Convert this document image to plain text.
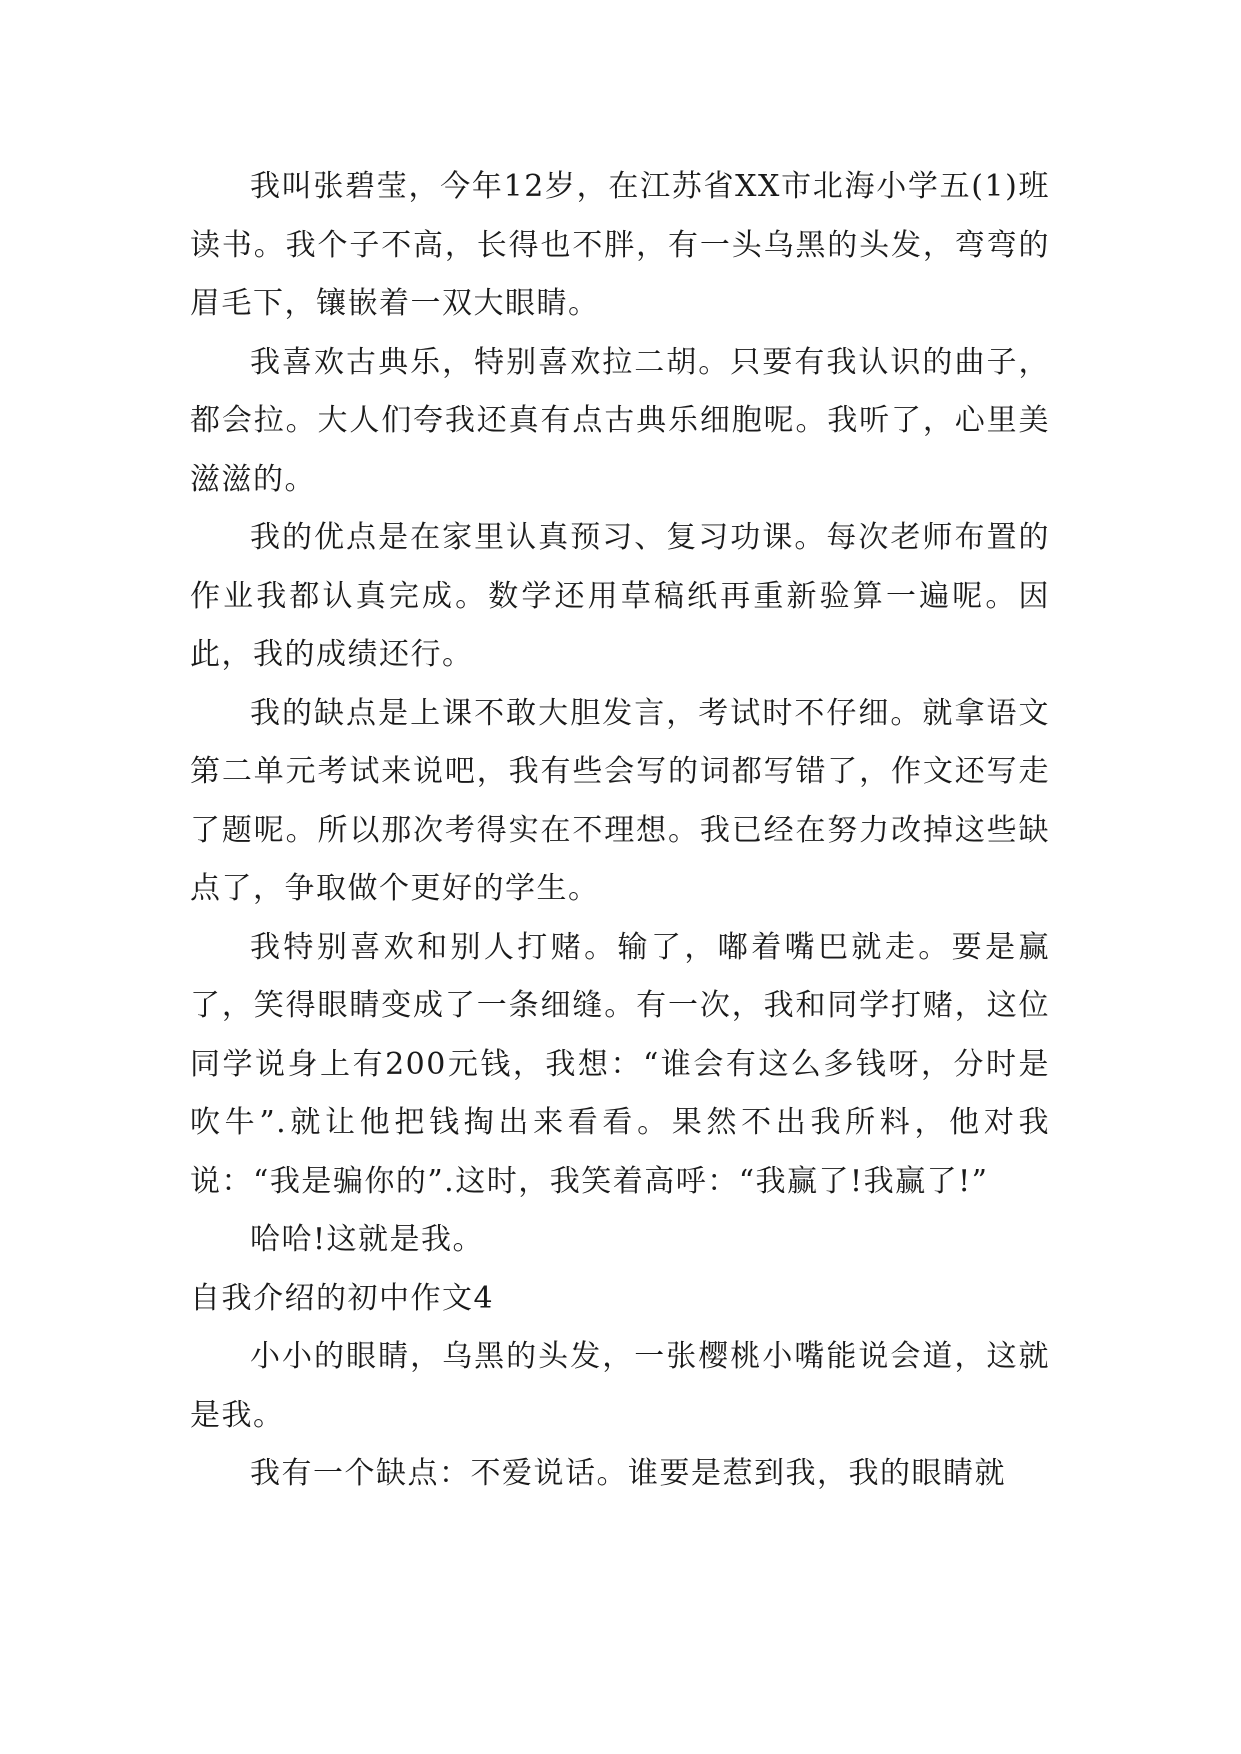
我叫张碧莹，今年12岁，在江苏省XX市北海小学五(1)班读书。我个子不高，长得也不胖，有一头乌黑的头发，弯弯的眉毛下，镶嵌着一双大眼睛。

我喜欢古典乐，特别喜欢拉二胡。只要有我认识的曲子，都会拉。大人们夸我还真有点古典乐细胞呢。我听了，心里美滋滋的。

我的优点是在家里认真预习、复习功课。每次老师布置的作业我都认真完成。数学还用草稿纸再重新验算一遍呢。因此，我的成绩还行。

我的缺点是上课不敢大胆发言，考试时不仔细。就拿语文第二单元考试来说吧，我有些会写的词都写错了，作文还写走了题呢。所以那次考得实在不理想。我已经在努力改掉这些缺点了，争取做个更好的学生。

我特别喜欢和别人打赌。输了，嘟着嘴巴就走。要是赢了，笑得眼睛变成了一条细缝。有一次，我和同学打赌，这位同学说身上有200元钱，我想：“谁会有这么多钱呀，分时是吹牛”.就让他把钱掏出来看看。果然不出我所料，他对我说：“我是骗你的”.这时，我笑着高呼：“我赢了!我赢了!”

哈哈!这就是我。

自我介绍的初中作文4

小小的眼睛，乌黑的头发，一张樱桃小嘴能说会道，这就是我。

我有一个缺点：不爱说话。谁要是惹到我，我的眼睛就
